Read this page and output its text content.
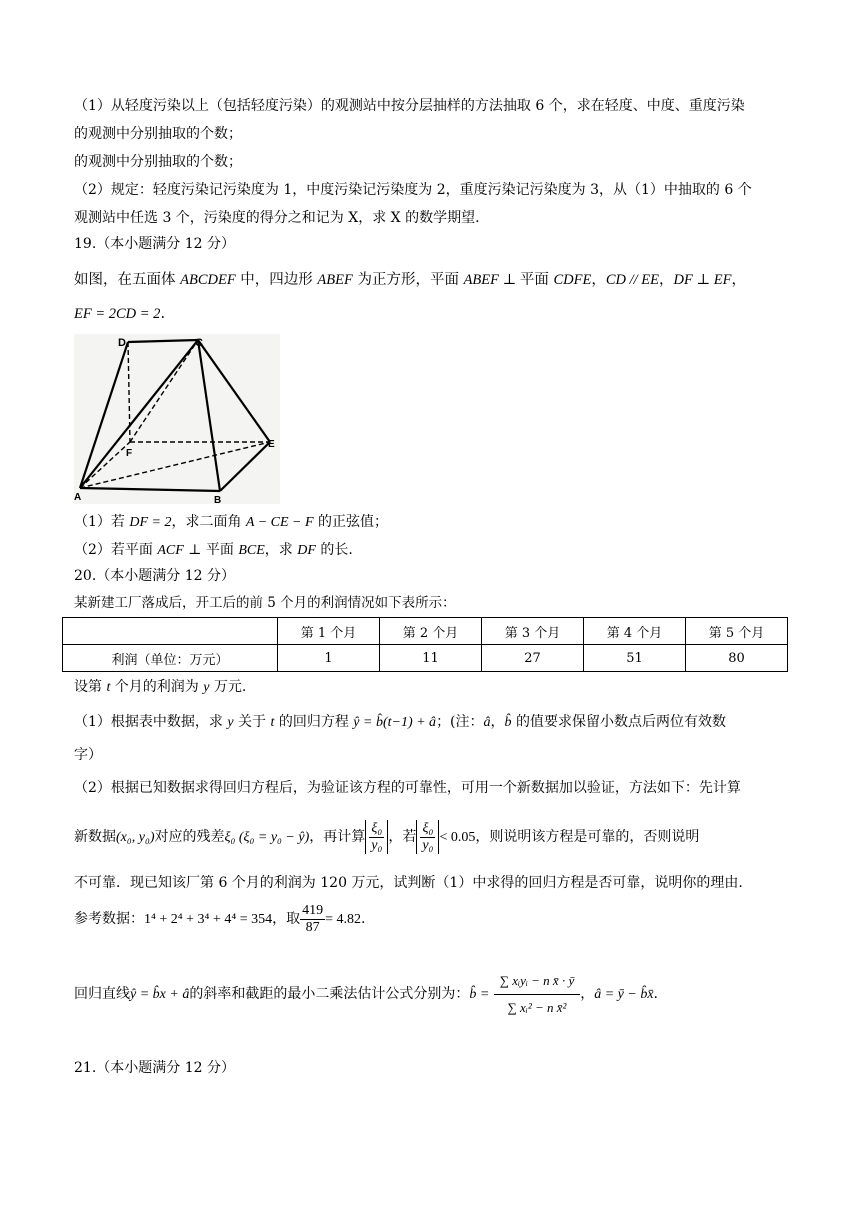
（1）从轻度污染以上（包括轻度污染）的观测站中按分层抽样的方法抽取 6 个，求在轻度、中度、重度污染
的观测中分别抽取的个数；
的观测中分别抽取的个数；
（2）规定：轻度污染记污染度为 1，中度污染记污染度为 2，重度污染记污染度为 3，从（1）中抽取的 6 个
观测站中任选 3 个，污染度的得分之和记为 X，求 X 的数学期望.
19.（本小题满分 12 分）
如图，在五面体 ABCDEF 中，四边形 ABEF 为正方形，平面 ABEF ⊥ 平面 CDFE，CD // EE，DF ⊥ EF，
EF = 2CD = 2.
D	C
F
E
A	B
（1）若 DF = 2，求二面角 A − CE − F 的正弦值；
（2）若平面 ACF ⊥ 平面 BCE，求 DF 的长.
20.（本小题满分 12 分）
某新建工厂落成后，开工后的前 5 个月的利润情况如下表所示：
	第 1 个月	第 2 个月	第 3 个月	第 4 个月	第 5 个月
利润（单位：万元）	1	11	27	51	80
设第 t 个月的利润为 y 万元.
（1）根据表中数据，求 y 关于 t 的回归方程 ŷ = b̂(t−1) + â；(注：â，b̂ 的值要求保留小数点后两位有效数
字）
（2）根据已知数据求得回归方程后，为验证该方程的可靠性，可用一个新数据加以验证，方法如下：先计算
新数据(x₀, y₀)对应的残差ξ₀ (ξ₀ = y₀ − ŷ)，再计算 $\frac{\text{ξ₀}}{\text{y₀}}$ ，若 $\frac{\text{ξ₀}}{\text{y₀}} < 0.05$，则说明该方程是可靠的，否则说明
不可靠．现已知该厂第 6 个月的利润为 120 万元，试判断（1）中求得的回归方程是否可靠，说明你的理由.
参考数据：1⁴ + 2⁴ + 3⁴ + 4⁴ = 354，取 $\frac{419}{87} = 4.82$.
回归直线ŷ = b̂x + â的斜率和截距的最小二乘法估计公式分别为：b̂ = $\frac{\text{∑ xᵢyᵢ − n x̄ · ȳ}}{\text{∑ xᵢ² − n x̄²}}$ ，â = ȳ − b̂x̄.
21.（本小题满分 12 分）
